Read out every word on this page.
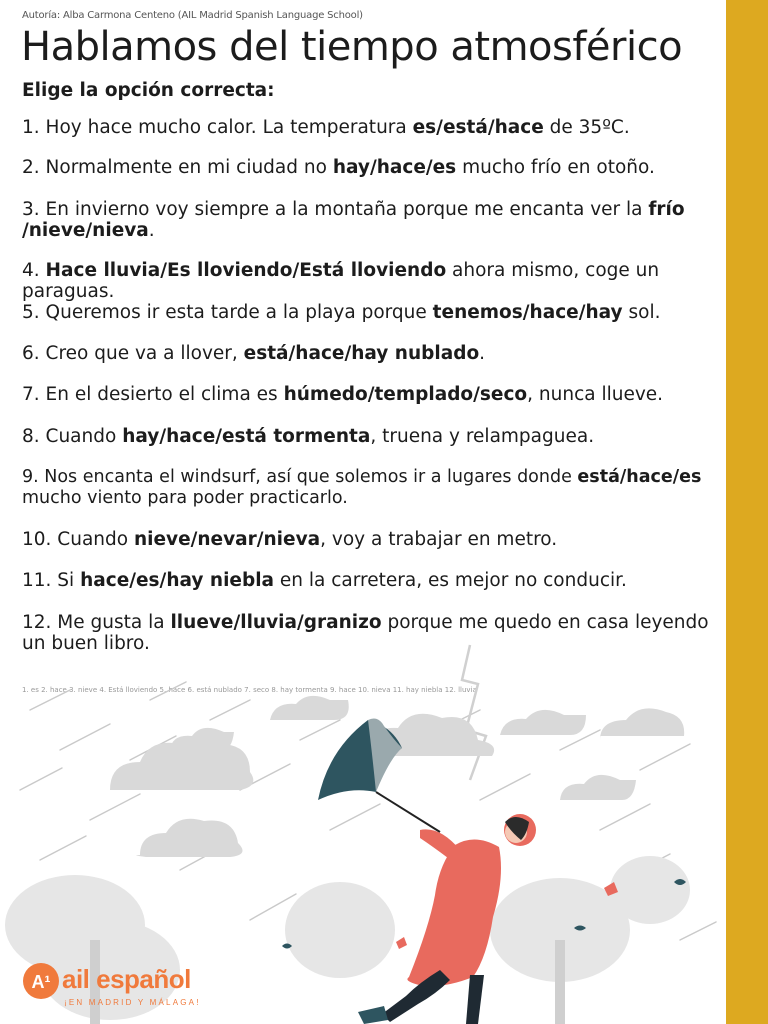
Autoría: Alba Carmona Centeno (AIL Madrid Spanish Language School)
Hablamos del tiempo atmosférico
Elige la opción correcta:
1. Hoy hace mucho calor. La temperatura es/está/hace de 35ºC.
2. Normalmente en mi ciudad no hay/hace/es mucho frío en otoño.
3. En invierno voy siempre a la montaña porque me encanta ver la frío /nieve/nieva.
4. Hace lluvia/Es lloviendo/Está lloviendo ahora mismo, coge un paraguas.
5. Queremos ir esta tarde a la playa porque tenemos/hace/hay sol.
6. Creo que va a llover, está/hace/hay nublado.
7. En el desierto el clima es húmedo/templado/seco, nunca llueve.
8. Cuando hay/hace/está tormenta, truena y relampaguea.
9. Nos encanta el windsurf, así que solemos ir a lugares donde está/hace/es mucho viento para poder practicarlo.
10. Cuando nieve/nevar/nieva, voy a trabajar en metro.
11. Si hace/es/hay niebla en la carretera, es mejor no conducir.
12. Me gusta la llueve/lluvia/granizo porque me quedo en casa leyendo un buen libro.
1. es 2. hace 3. nieve 4. Está lloviendo 5. hace 6. está nublado 7. seco 8. hay tormenta 9. hace 10. nieva 11. hay niebla 12. lluvia
A¹ ail español
¡EN MADRID Y MÁLAGA!
